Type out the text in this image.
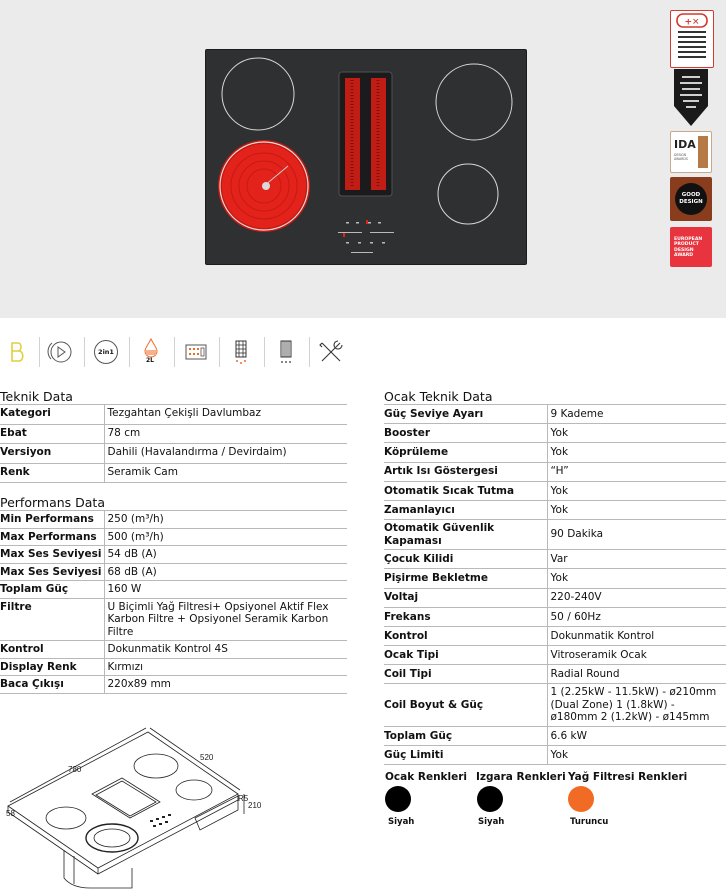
+✕
IDA
DESIGN AWARDS
GOOD
DESIGN
EUROPEAN PRODUCT DESIGN AWARD
2in1
2L
Teknik Data
Kategori	Tezgahtan Çekişli Davlumbaz
Ebat	78 cm
Versiyon	Dahili (Havalandırma / Devirdaim)
Renk	Seramik Cam
Performans Data
Min Performans	250 (m³/h)
Max Performans	500 (m³/h)
Max Ses Seviyesi	54 dB (A)
Max Ses Seviyesi	68 dB (A)
Toplam Güç	160 W
Filtre	U Biçimli Yağ Filtresi+ Opsiyonel Aktif Flex Karbon Filtre + Opsiyonel Seramik Karbon Filtre
Kontrol	Dokunmatik Kontrol 4S
Display Renk	Kırmızı
Baca Çıkışı	220x89 mm
Ocak Teknik Data
Güç Seviye Ayarı	9 Kademe
Booster	Yok
Köprüleme	Yok
Artık Isı Göstergesi	“H”
Otomatik Sıcak Tutma	Yok
Zamanlayıcı	Yok
Otomatik Güvenlik Kapaması	90 Dakika
Çocuk Kilidi	Var
Pişirme Bekletme	Yok
Voltaj	220-240V
Frekans	50 / 60Hz
Kontrol	Dokunmatik Kontrol
Ocak Tipi	Vitroseramik Ocak
Coil Tipi	Radial Round
Coil Boyut & Güç	1 (2.25kW - 11.5kW) - ø210mm (Dual Zone) 1 (1.8kW) - ø180mm 2 (1.2kW) - ø145mm
Toplam Güç	6.6 kW
Güç Limiti	Yok
Ocak Renkleri
Siyah
Izgara Renkleri
Siyah
Yağ Filtresi Renkleri
Turuncu
780
520
210
R5
58
